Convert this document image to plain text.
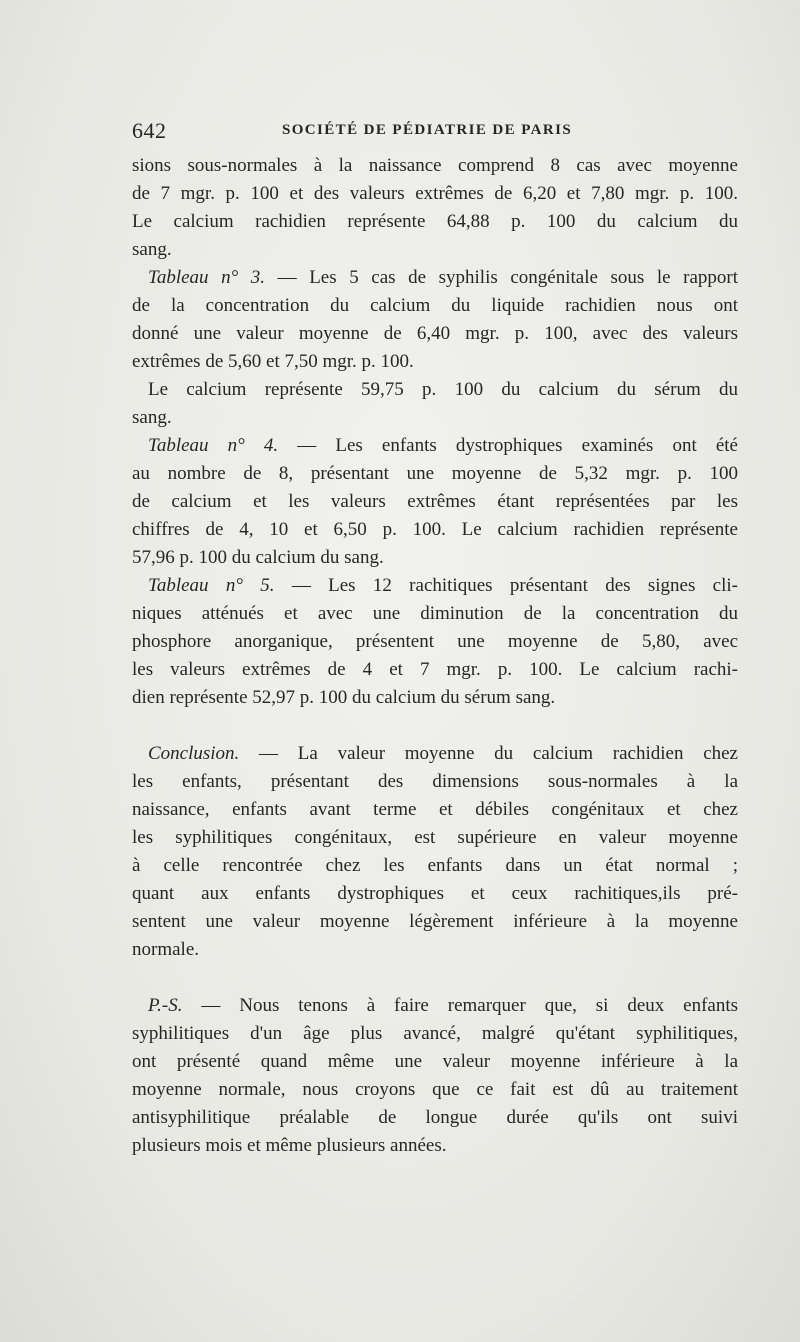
642	SOCIÉTÉ DE PÉDIATRIE DE PARIS
sions sous-normales à la naissance comprend 8 cas avec moyenne
de 7 mgr. p. 100 et des valeurs extrêmes de 6,20 et 7,80 mgr. p. 100.
Le calcium rachidien représente 64,88 p. 100 du calcium du
sang.
Tableau n° 3. — Les 5 cas de syphilis congénitale sous le rapport
de la concentration du calcium du liquide rachidien nous ont
donné une valeur moyenne de 6,40 mgr. p. 100, avec des valeurs
extrêmes de 5,60 et 7,50 mgr. p. 100.
Le calcium représente 59,75 p. 100 du calcium du sérum du
sang.
Tableau n° 4. — Les enfants dystrophiques examinés ont été
au nombre de 8, présentant une moyenne de 5,32 mgr. p. 100
de calcium et les valeurs extrêmes étant représentées par les
chiffres de 4, 10 et 6,50 p. 100. Le calcium rachidien représente
57,96 p. 100 du calcium du sang.
Tableau n° 5. — Les 12 rachitiques présentant des signes cli-
niques atténués et avec une diminution de la concentration du
phosphore anorganique, présentent une moyenne de 5,80, avec
les valeurs extrêmes de 4 et 7 mgr. p. 100. Le calcium rachi-
dien représente 52,97 p. 100 du calcium du sérum sang.
Conclusion. — La valeur moyenne du calcium rachidien chez
les enfants, présentant des dimensions sous-normales à la
naissance, enfants avant terme et débiles congénitaux et chez
les syphilitiques congénitaux, est supérieure en valeur moyenne
à celle rencontrée chez les enfants dans un état normal ;
quant aux enfants dystrophiques et ceux rachitiques,ils pré-
sentent une valeur moyenne légèrement inférieure à la moyenne
normale.
P.-S. — Nous tenons à faire remarquer que, si deux enfants
syphilitiques d'un âge plus avancé, malgré qu'étant syphilitiques,
ont présenté quand même une valeur moyenne inférieure à la
moyenne normale, nous croyons que ce fait est dû au traitement
antisyphilitique préalable de longue durée qu'ils ont suivi
plusieurs mois et même plusieurs années.
